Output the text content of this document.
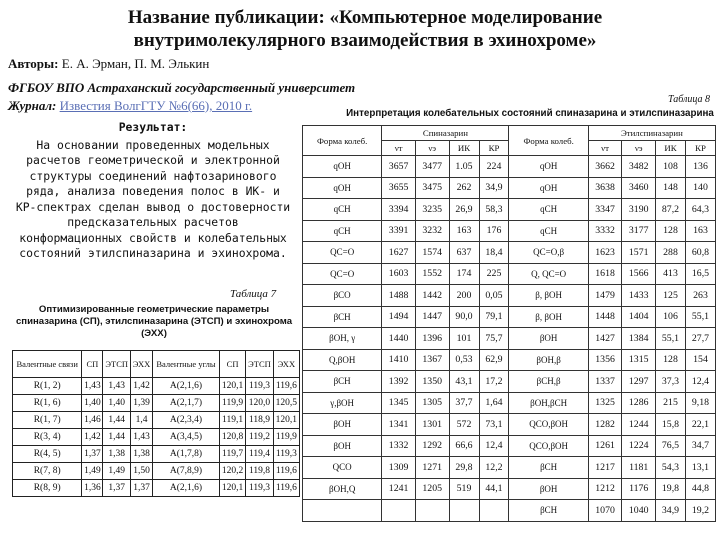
Название публикации: «Компьютерное моделирование внутримолекулярного взаимодействия в эхинохроме»
Авторы: Е. А. Эрман, П. М. Элькин
ФГБОУ ВПО Астраханский государственный университет
Журнал: Известия ВолгГТУ №6(66), 2010 г.
Результат:
На основании проведенных модельных расчетов геометрической и электронной структуры соединений нафтозаринового ряда, анализа поведения полос в ИК- и КР-спектрах сделан вывод о достоверности предсказательных расчетов конформационных свойств и колебательных состояний этилспиназарина и эхинохрома.
Таблица 7
Оптимизированные геометрические параметры спиназарина (СП), этилспиназарина (ЭТСП) и эхинохрома (ЭХХ)
Валентные связи	СП	ЭТСП	ЭХХ	Валентные углы	СП	ЭТСП	ЭХХ
R(1, 2)	1,43	1,43	1,42	A(2,1,6)	120,1	119,3	119,6
R(1, 6)	1,40	1,40	1,39	A(2,1,7)	119,9	120,0	120,5
R(1, 7)	1,46	1,44	1,4	A(2,3,4)	119,1	118,9	120,1
R(3, 4)	1,42	1,44	1,43	A(3,4,5)	120,8	119,2	119,9
R(4, 5)	1,37	1,38	1,38	A(1,7,8)	119,7	119,4	119,3
R(7, 8)	1,49	1,49	1,50	A(7,8,9)	120,2	119,8	119,6
R(8, 9)	1,36	1,37	1,37	A(2,1,6)	120,1	119,3	119,6
Таблица 8
Интерпретация колебательных состояний спиназарина и этилспиназарина
Форма колеб.	Спиназарин				Форма колеб.	Этилспиназарин			
	νт	νэ	ИК	КР		νт	νэ	ИК	КР
qOH	3657	3477	1.05	224	qOH	3662	3482	108	136
qOH	3655	3475	262	34,9	qOH	3638	3460	148	140
qCH	3394	3235	26,9	58,3	qCH	3347	3190	87,2	64,3
qCH	3391	3232	163	176	qCH	3332	3177	128	163
QC=O	1627	1574	637	18,4	QC=O,β	1623	1571	288	60,8
QC=O	1603	1552	174	225	Q, QC=O	1618	1566	413	16,5
βCO	1488	1442	200	0,05	β, βOH	1479	1433	125	263
βCH	1494	1447	90,0	79,1	β, βOH	1448	1404	106	55,1
βOH, γ	1440	1396	101	75,7	βOH	1427	1384	55,1	27,7
Q,βOH	1410	1367	0,53	62,9	βOH,β	1356	1315	128	154
βCH	1392	1350	43,1	17,2	βCH,β	1337	1297	37,3	12,4
γ,βOH	1345	1305	37,7	1,64	βOH,βCH	1325	1286	215	9,18
βOH	1341	1301	572	73,1	QCO,βOH	1282	1244	15,8	22,1
βOH	1332	1292	66,6	12,4	QCO,βOH	1261	1224	76,5	34,7
QCO	1309	1271	29,8	12,2	βCH	1217	1181	54,3	13,1
βOH,Q	1241	1205	519	44,1	βOH	1212	1176	19,8	44,8
					βCH	1070	1040	34,9	19,2
